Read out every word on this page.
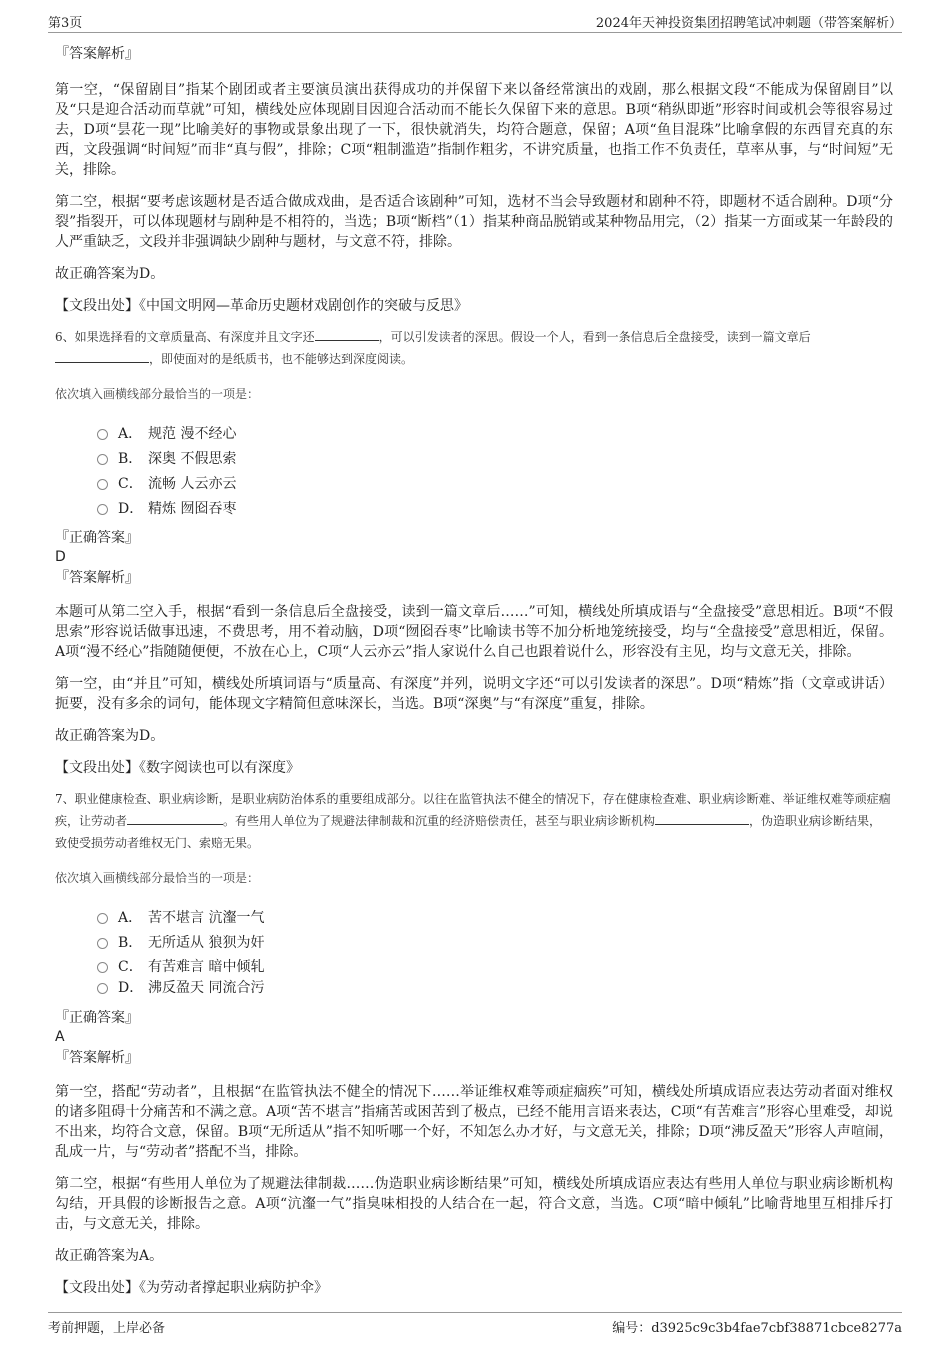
第3页	2024年天神投资集团招聘笔试冲刺题（带答案解析）

『答案解析』

第一空，“保留剧目”指某个剧团或者主要演员演出获得成功的并保留下来以备经常演出的戏剧，那么根据文段“不能成为保留剧目”以及“只是迎合活动而草就”可知，横线处应体现剧目因迎合活动而不能长久保留下来的意思。B项“稍纵即逝”形容时间或机会等很容易过去，D项“昙花一现”比喻美好的事物或景象出现了一下，很快就消失，均符合题意，保留；A项“鱼目混珠”比喻拿假的东西冒充真的东西，文段强调“时间短”而非“真与假”，排除；C项“粗制滥造”指制作粗劣，不讲究质量，也指工作不负责任，草率从事，与“时间短”无关，排除。

第二空，根据“要考虑该题材是否适合做成戏曲，是否适合该剧种”可知，选材不当会导致题材和剧种不符，即题材不适合剧种。D项“分裂”指裂开，可以体现题材与剧种是不相符的，当选；B项“断档”（1）指某种商品脱销或某种物品用完，（2）指某一方面或某一年龄段的人严重缺乏，文段并非强调缺少剧种与题材，与文意不符，排除。

故正确答案为D。

【文段出处】《中国文明网—革命历史题材戏剧创作的突破与反思》

6、如果选择看的文章质量高、有深度并且文字还	，可以引发读者的深思。假设一个人，看到一条信息后全盘接受，读到一篇文章后，即使面对的是纸质书，也不能够达到深度阅读。

依次填入画横线部分最恰当的一项是：

A． 规范 漫不经心
B． 深奥 不假思索
C． 流畅 人云亦云
D． 精炼 囫囵吞枣

『正确答案』

D

『答案解析』

本题可从第二空入手，根据“看到一条信息后全盘接受，读到一篇文章后……”可知，横线处所填成语与“全盘接受”意思相近。B项“不假思索”形容说话做事迅速，不费思考，用不着动脑，D项“囫囵吞枣”比喻读书等不加分析地笼统接受，均与“全盘接受”意思相近，保留。A项“漫不经心”指随随便便，不放在心上，C项“人云亦云”指人家说什么自己也跟着说什么，形容没有主见，均与文意无关，排除。

第一空，由“并且”可知，横线处所填词语与“质量高、有深度”并列，说明文字还“可以引发读者的深思”。D项“精炼”指（文章或讲话）扼要，没有多余的词句，能体现文字精简但意味深长，当选。B项“深奥”与“有深度”重复，排除。

故正确答案为D。

【文段出处】《数字阅读也可以有深度》

7、职业健康检查、职业病诊断，是职业病防治体系的重要组成部分。以往在监管执法不健全的情况下，存在健康检查难、职业病诊断难、举证维权难等顽症痼疾，让劳动者	。有些用人单位为了规避法律制裁和沉重的经济赔偿责任，甚至与职业病诊断机构	，伪造职业病诊断结果，致使受损劳动者维权无门、索赔无果。

依次填入画横线部分最恰当的一项是：

A． 苦不堪言 沆瀣一气
B． 无所适从 狼狈为奸
C． 有苦难言 暗中倾轧
D． 沸反盈天 同流合污

『正确答案』

A

『答案解析』

第一空，搭配“劳动者”，且根据“在监管执法不健全的情况下……举证维权难等顽症痼疾”可知，横线处所填成语应表达劳动者面对维权的诸多阻碍十分痛苦和不满之意。A项“苦不堪言”指痛苦或困苦到了极点，已经不能用言语来表达，C项“有苦难言”形容心里难受，却说不出来，均符合文意，保留。B项“无所适从”指不知听哪一个好，不知怎么办才好，与文意无关，排除；D项“沸反盈天”形容人声喧闹，乱成一片，与“劳动者”搭配不当，排除。

第二空，根据“有些用人单位为了规避法律制裁……伪造职业病诊断结果”可知，横线处所填成语应表达有些用人单位与职业病诊断机构勾结，开具假的诊断报告之意。A项“沆瀣一气”指臭味相投的人结合在一起，符合文意，当选。C项“暗中倾轧”比喻背地里互相排斥打击，与文意无关，排除。

故正确答案为A。

【文段出处】《为劳动者撑起职业病防护伞》

考前押题，上岸必备	编号：d3925c9c3b4fae7cbf38871cbce8277a
